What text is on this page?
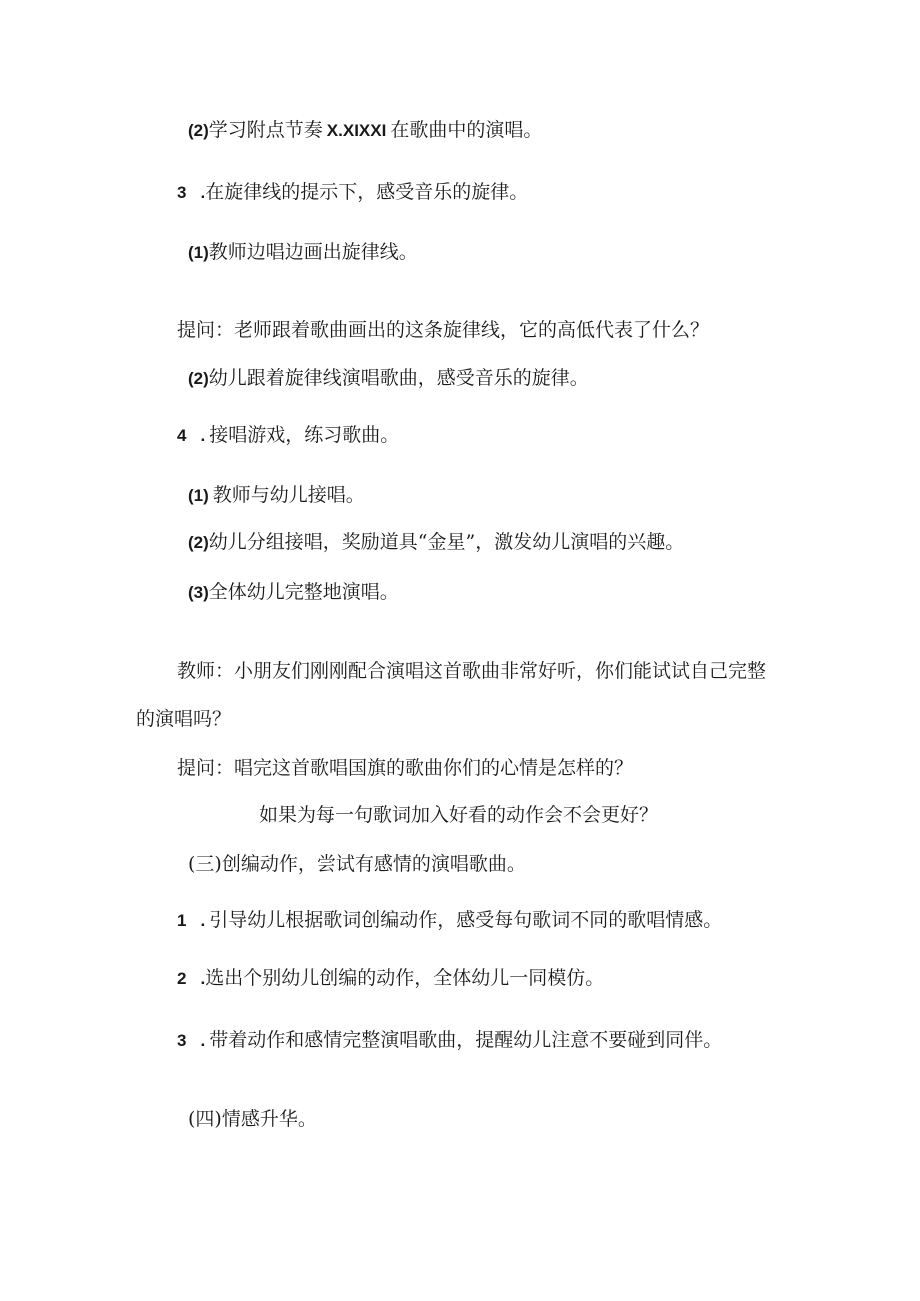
(2)学习附点节奏 X.XIXXI 在歌曲中的演唱。
3 .在旋律线的提示下，感受音乐的旋律。
(1)教师边唱边画出旋律线。
提问：老师跟着歌曲画出的这条旋律线，它的高低代表了什么？
(2)幼儿跟着旋律线演唱歌曲，感受音乐的旋律。
4 . 接唱游戏，练习歌曲。
(1) 教师与幼儿接唱。
(2)幼儿分组接唱，奖励道具“金星”，激发幼儿演唱的兴趣。
(3)全体幼儿完整地演唱。
教师：小朋友们刚刚配合演唱这首歌曲非常好听，你们能试试自己完整
的演唱吗？
提问：唱完这首歌唱国旗的歌曲你们的心情是怎样的？
如果为每一句歌词加入好看的动作会不会更好？
(三)创编动作，尝试有感情的演唱歌曲。
1 . 引导幼儿根据歌词创编动作，感受每句歌词不同的歌唱情感。
2 .选出个别幼儿创编的动作，全体幼儿一同模仿。
3 . 带着动作和感情完整演唱歌曲，提醒幼儿注意不要碰到同伴。
(四)情感升华。
